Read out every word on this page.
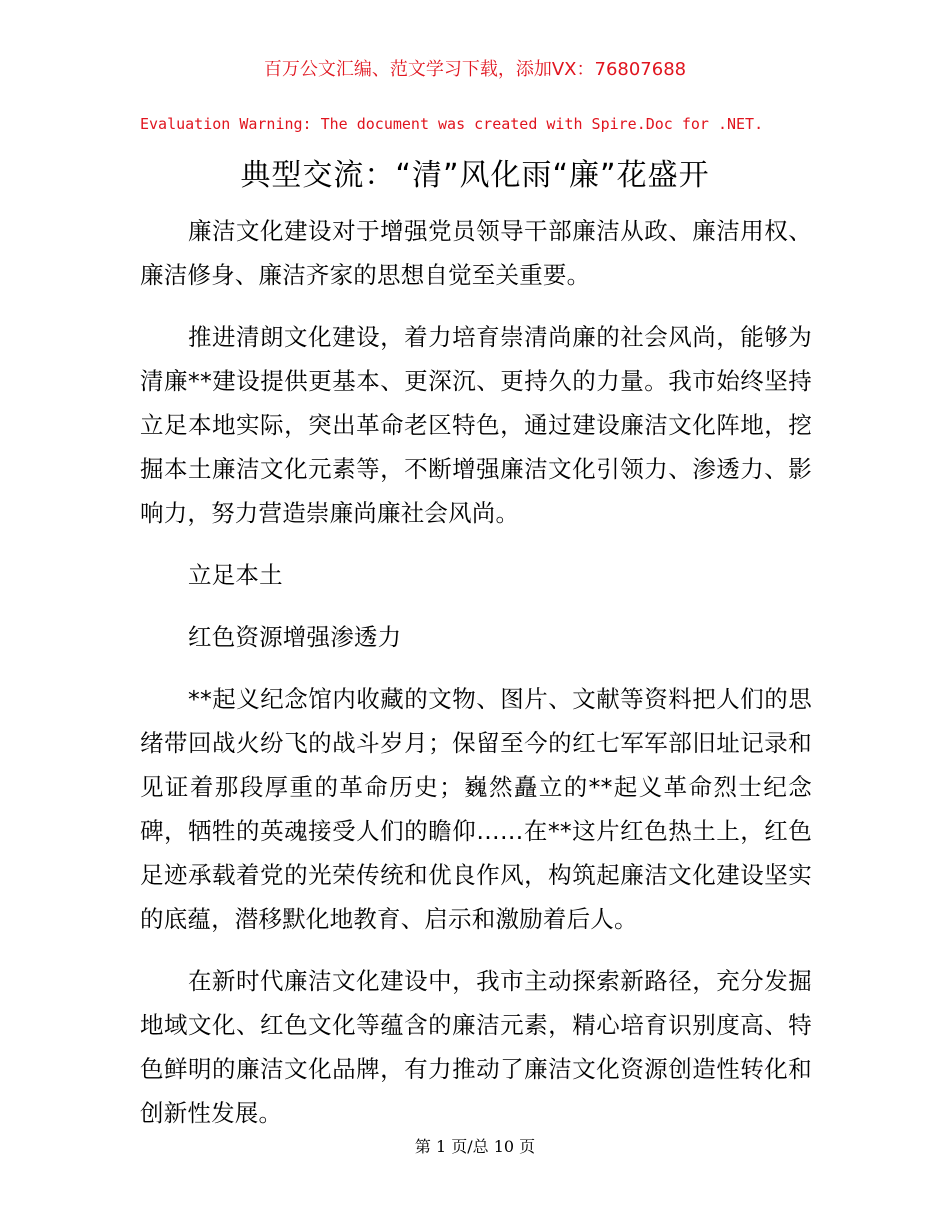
百万公文汇编、范文学习下载，添加VX：76807688
Evaluation Warning: The document was created with Spire.Doc for .NET.
典型交流：“清”风化雨“廉”花盛开

廉洁文化建设对于增强党员领导干部廉洁从政、廉洁用权、廉洁修身、廉洁齐家的思想自觉至关重要。

推进清朗文化建设，着力培育崇清尚廉的社会风尚，能够为清廉**建设提供更基本、更深沉、更持久的力量。我市始终坚持立足本地实际，突出革命老区特色，通过建设廉洁文化阵地，挖掘本土廉洁文化元素等，不断增强廉洁文化引领力、渗透力、影响力，努力营造崇廉尚廉社会风尚。

立足本土

红色资源增强渗透力

**起义纪念馆内收藏的文物、图片、文献等资料把人们的思绪带回战火纷飞的战斗岁月；保留至今的红七军军部旧址记录和见证着那段厚重的革命历史；巍然矗立的**起义革命烈士纪念碑，牺牲的英魂接受人们的瞻仰……在**这片红色热土上，红色足迹承载着党的光荣传统和优良作风，构筑起廉洁文化建设坚实的底蕴，潜移默化地教育、启示和激励着后人。

在新时代廉洁文化建设中，我市主动探索新路径，充分发掘地域文化、红色文化等蕴含的廉洁元素，精心培育识别度高、特色鲜明的廉洁文化品牌，有力推动了廉洁文化资源创造性转化和创新性发展。

第 1 页/总 10 页
